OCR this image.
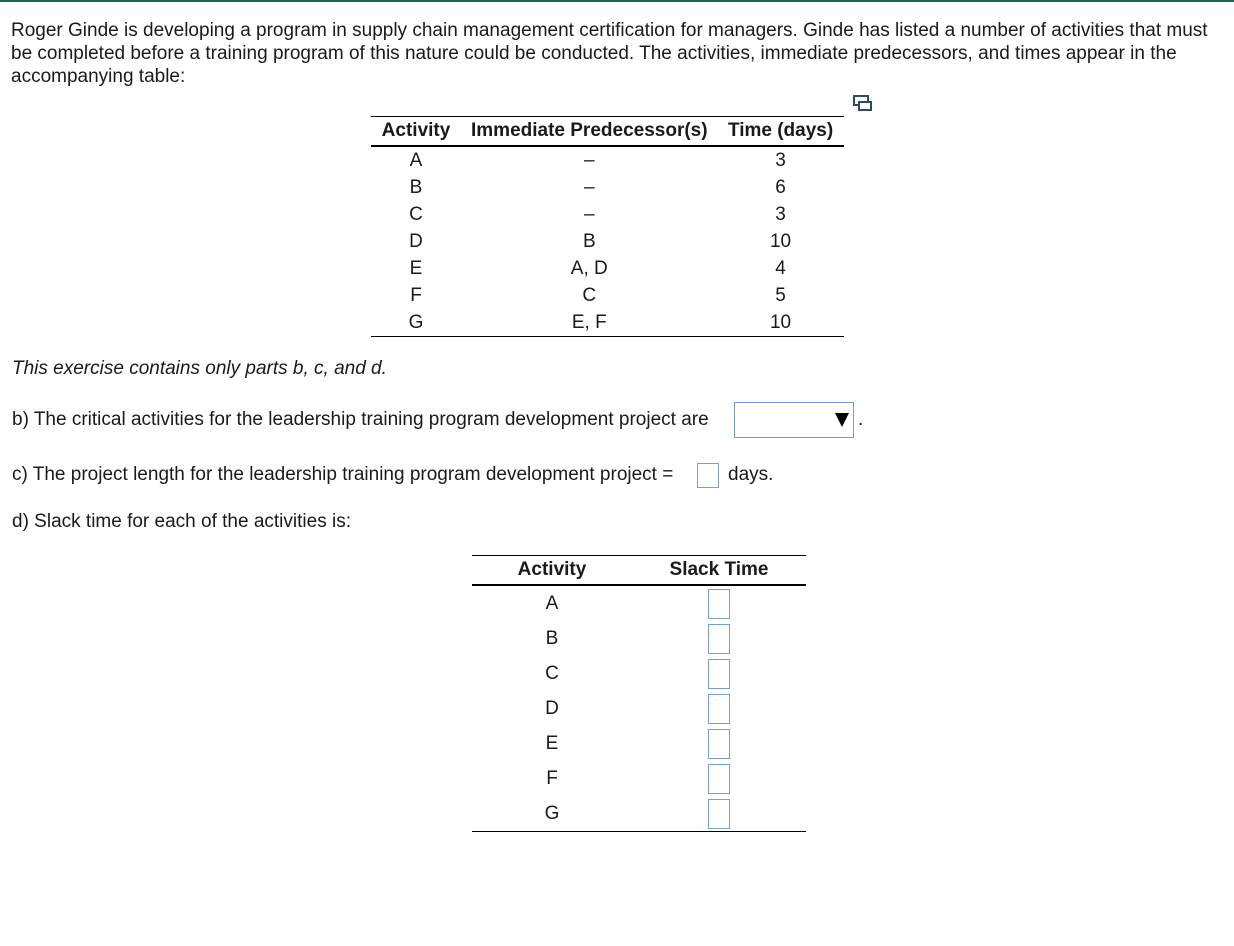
Roger Ginde is developing a program in supply chain management certification for managers. Ginde has listed a number of activities that must be completed before a training program of this nature could be conducted. The activities, immediate predecessors, and times appear in the accompanying table:

Activity	Immediate Predecessor(s)	Time (days)
A	–	3
B	–	6
C	–	3
D	B	10
E	A, D	4
F	C	5
G	E, F	10

This exercise contains only parts b, c, and d.

b) The critical activities for the leadership training program development project are	.

c) The project length for the leadership training program development project =	days.

d) Slack time for each of the activities is:

Activity	Slack Time
A	
B	
C	
D	
E	
F	
G	
